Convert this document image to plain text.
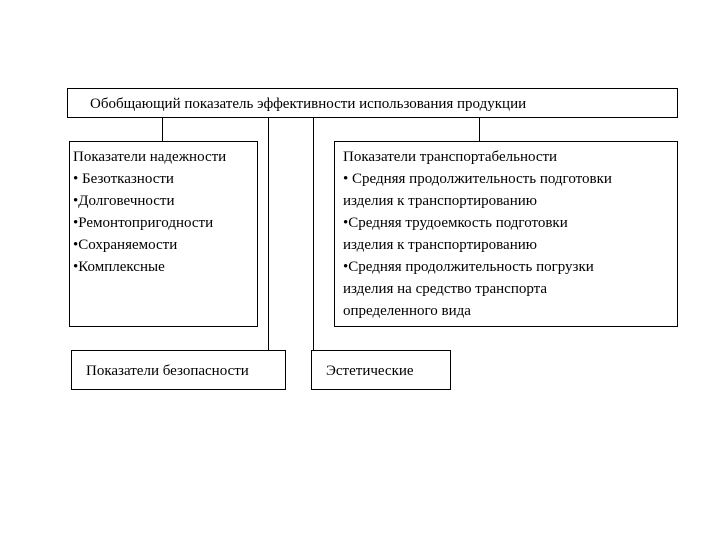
Обобщающий показатель эффективности использования продукции
Показатели надежности
• Безотказности
•Долговечности
•Ремонтопригодности
•Сохраняемости
•Комплексные
Показатели транспортабельности
• Средняя продолжительность подготовки
изделия к транспортированию
•Средняя трудоемкость подготовки
изделия к транспортированию
•Средняя продолжительность погрузки
изделия на средство транспорта
определенного вида
Показатели безопасности	Эстетические
